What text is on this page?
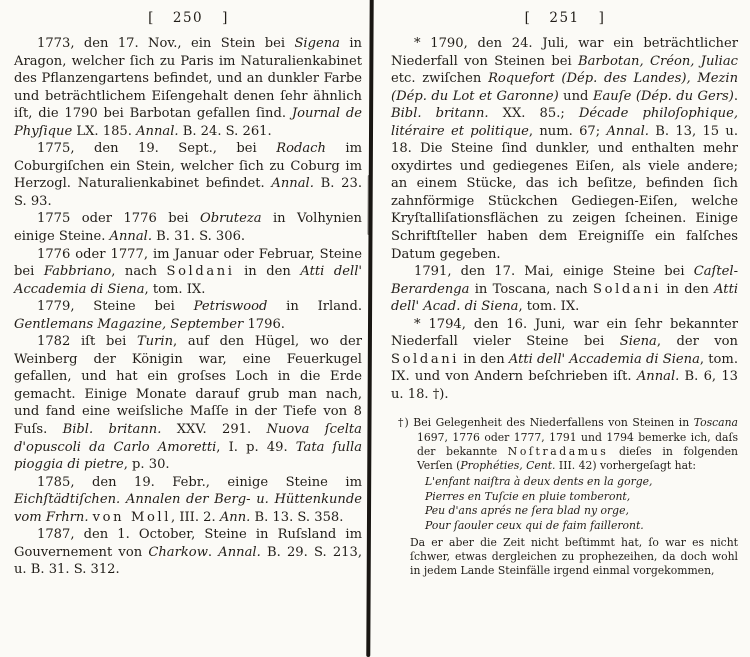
[ 250 ]

1773, den 17. Nov., ein Stein bei Sigena in Aragon, welcher ſich zu Paris im Naturalienkabinet des Pflanzengartens befindet, und an dunkler Farbe und beträchtlichem Eiſengehalt denen ſehr ähnlich iſt, die 1790 bei Barbotan gefallen ſind. Journal de Phyſique LX. 185. Annal. B. 24. S. 261.

1775, den 19. Sept., bei Rodach im Coburgiſchen ein Stein, welcher ſich zu Coburg im Herzogl. Naturalienkabinet befindet. Annal. B. 23. S. 93.

1775 oder 1776 bei Obruteza in Volhynien einige Steine. Annal. B. 31. S. 306.

1776 oder 1777, im Januar oder Februar, Steine bei Fabbriano, nach Soldani in den Atti dell' Accademia di Siena, tom. IX.

1779, Steine bei Petriswood in Irland. Gentlemans Magazine, September 1796.

1782 iſt bei Turin, auf den Hügel, wo der Weinberg der Königin war, eine Feuerkugel gefallen, und hat ein groſses Loch in die Erde gemacht. Einige Monate darauf grub man nach, und fand eine weiſsliche Maſſe in der Tiefe von 8 Fuſs. Bibl. britann. XXV. 291. Nuova ſcelta d'opuscoli da Carlo Amoretti, I. p. 49. Tata ſulla pioggia di pietre, p. 30.

1785, den 19. Febr., einige Steine im Eichſtädtiſchen. Annalen der Berg- u. Hüttenkunde vom Frhrn. von Moll, III. 2. Ann. B. 13. S. 358.

1787, den 1. October, Steine in Ruſsland im Gouvernement von Charkow. Annal. B. 29. S. 213, u. B. 31. S. 312.

[ 251 ]

* 1790, den 24. Juli, war ein beträchtlicher Niederfall von Steinen bei Barbotan, Créon, Juliac etc. zwiſchen Roquefort (Dép. des Landes), Mezin (Dép. du Lot et Garonne) und Eauſe (Dép. du Gers). Bibl. britann. XX. 85.; Décade philoſophique, litéraire et politique, num. 67; Annal. B. 13, 15 u. 18. Die Steine ſind dunkler, und enthalten mehr oxydirtes und gediegenes Eiſen, als viele andere; an einem Stücke, das ich beſitze, befinden ſich zahnförmige Stückchen Gediegen-Eiſen, welche Kryſtalliſationsflächen zu zeigen ſcheinen. Einige Schriftſteller haben dem Ereigniſſe ein falſches Datum gegeben.

1791, den 17. Mai, einige Steine bei Caſtel-Berardenga in Toscana, nach Soldani in den Atti dell' Acad. di Siena, tom. IX.

* 1794, den 16. Juni, war ein ſehr bekannter Niederfall vieler Steine bei Siena, der von Soldani in den Atti dell' Accademia di Siena, tom. IX. und von Andern beſchrieben iſt. Annal. B. 6, 13 u. 18. †).

†) Bei Gelegenheit des Niederfallens von Steinen in Toscana 1697, 1776 oder 1777, 1791 und 1794 bemerke ich, daſs der bekannte Noſtradamus dieſes in folgenden Verſen (Prophéties, Cent. III. 42) vorhergeſagt hat:

L'enfant naiſtra à deux dents en la gorge,

Pierres en Tuſcie en pluie tomberont,

Peu d'ans aprés ne ſera blad ny orge,

Pour ſaouler ceux qui de faim failleront.

Da er aber die Zeit nicht beſtimmt hat, ſo war es nicht ſchwer, etwas dergleichen zu prophezeihen, da doch wohl in jedem Lande Steinfälle irgend einmal vorgekommen,
